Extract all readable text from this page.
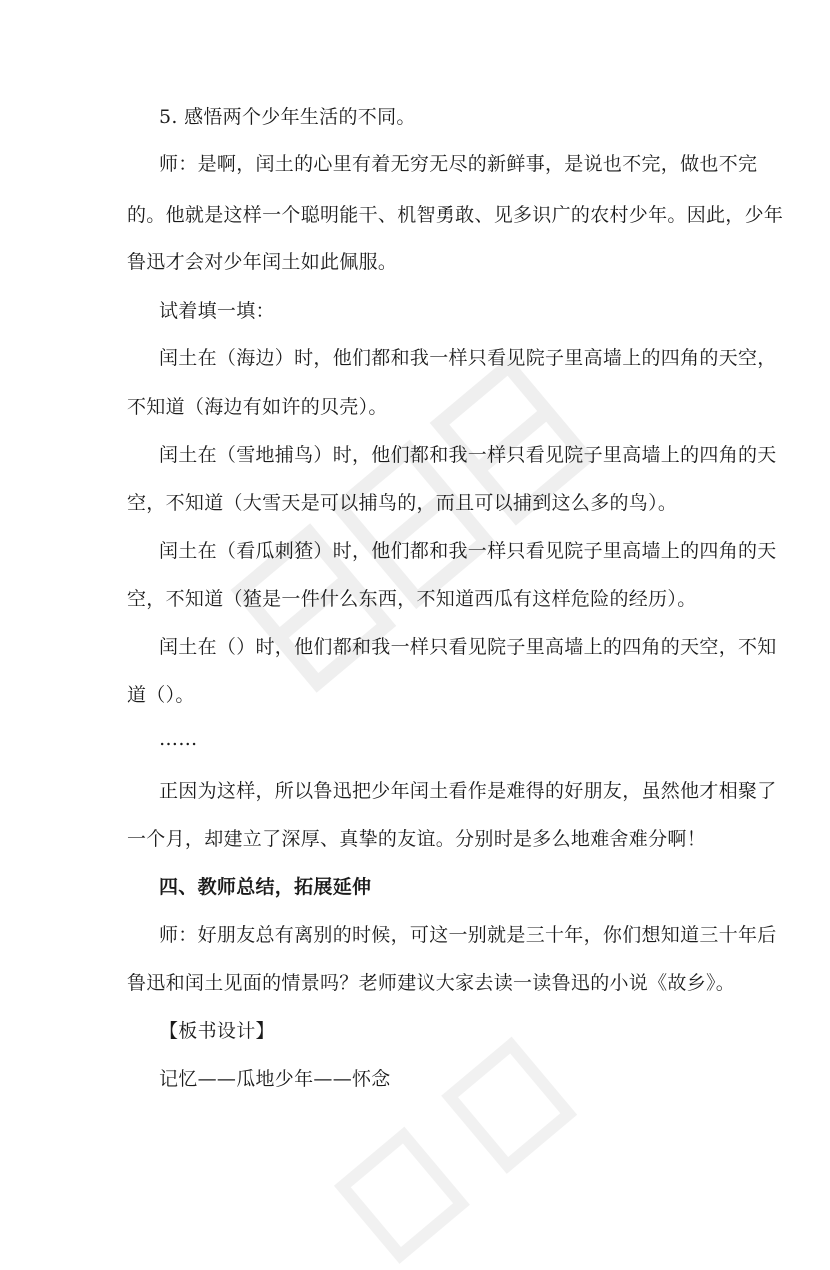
5. 感悟两个少年生活的不同。
师：是啊，闰土的心里有着无穷无尽的新鲜事，是说也不完，做也不完
的。他就是这样一个聪明能干、机智勇敢、见多识广的农村少年。因此，少年
鲁迅才会对少年闰土如此佩服。
试着填一填：
闰土在（海边）时，他们都和我一样只看见院子里高墙上的四角的天空，
不知道（海边有如许的贝壳）。
闰土在（雪地捕鸟）时，他们都和我一样只看见院子里高墙上的四角的天
空，不知道（大雪天是可以捕鸟的，而且可以捕到这么多的鸟）。
闰土在（看瓜刺猹）时，他们都和我一样只看见院子里高墙上的四角的天
空，不知道（猹是一件什么东西，不知道西瓜有这样危险的经历）。
闰土在（）时，他们都和我一样只看见院子里高墙上的四角的天空，不知
道（）。
……
正因为这样，所以鲁迅把少年闰土看作是难得的好朋友，虽然他才相聚了
一个月，却建立了深厚、真挚的友谊。分别时是多么地难舍难分啊！
四、教师总结，拓展延伸
师：好朋友总有离别的时候，可这一别就是三十年，你们想知道三十年后
鲁迅和闰土见面的情景吗？老师建议大家去读一读鲁迅的小说《故乡》。
【板书设计】
记忆——瓜地少年——怀念
